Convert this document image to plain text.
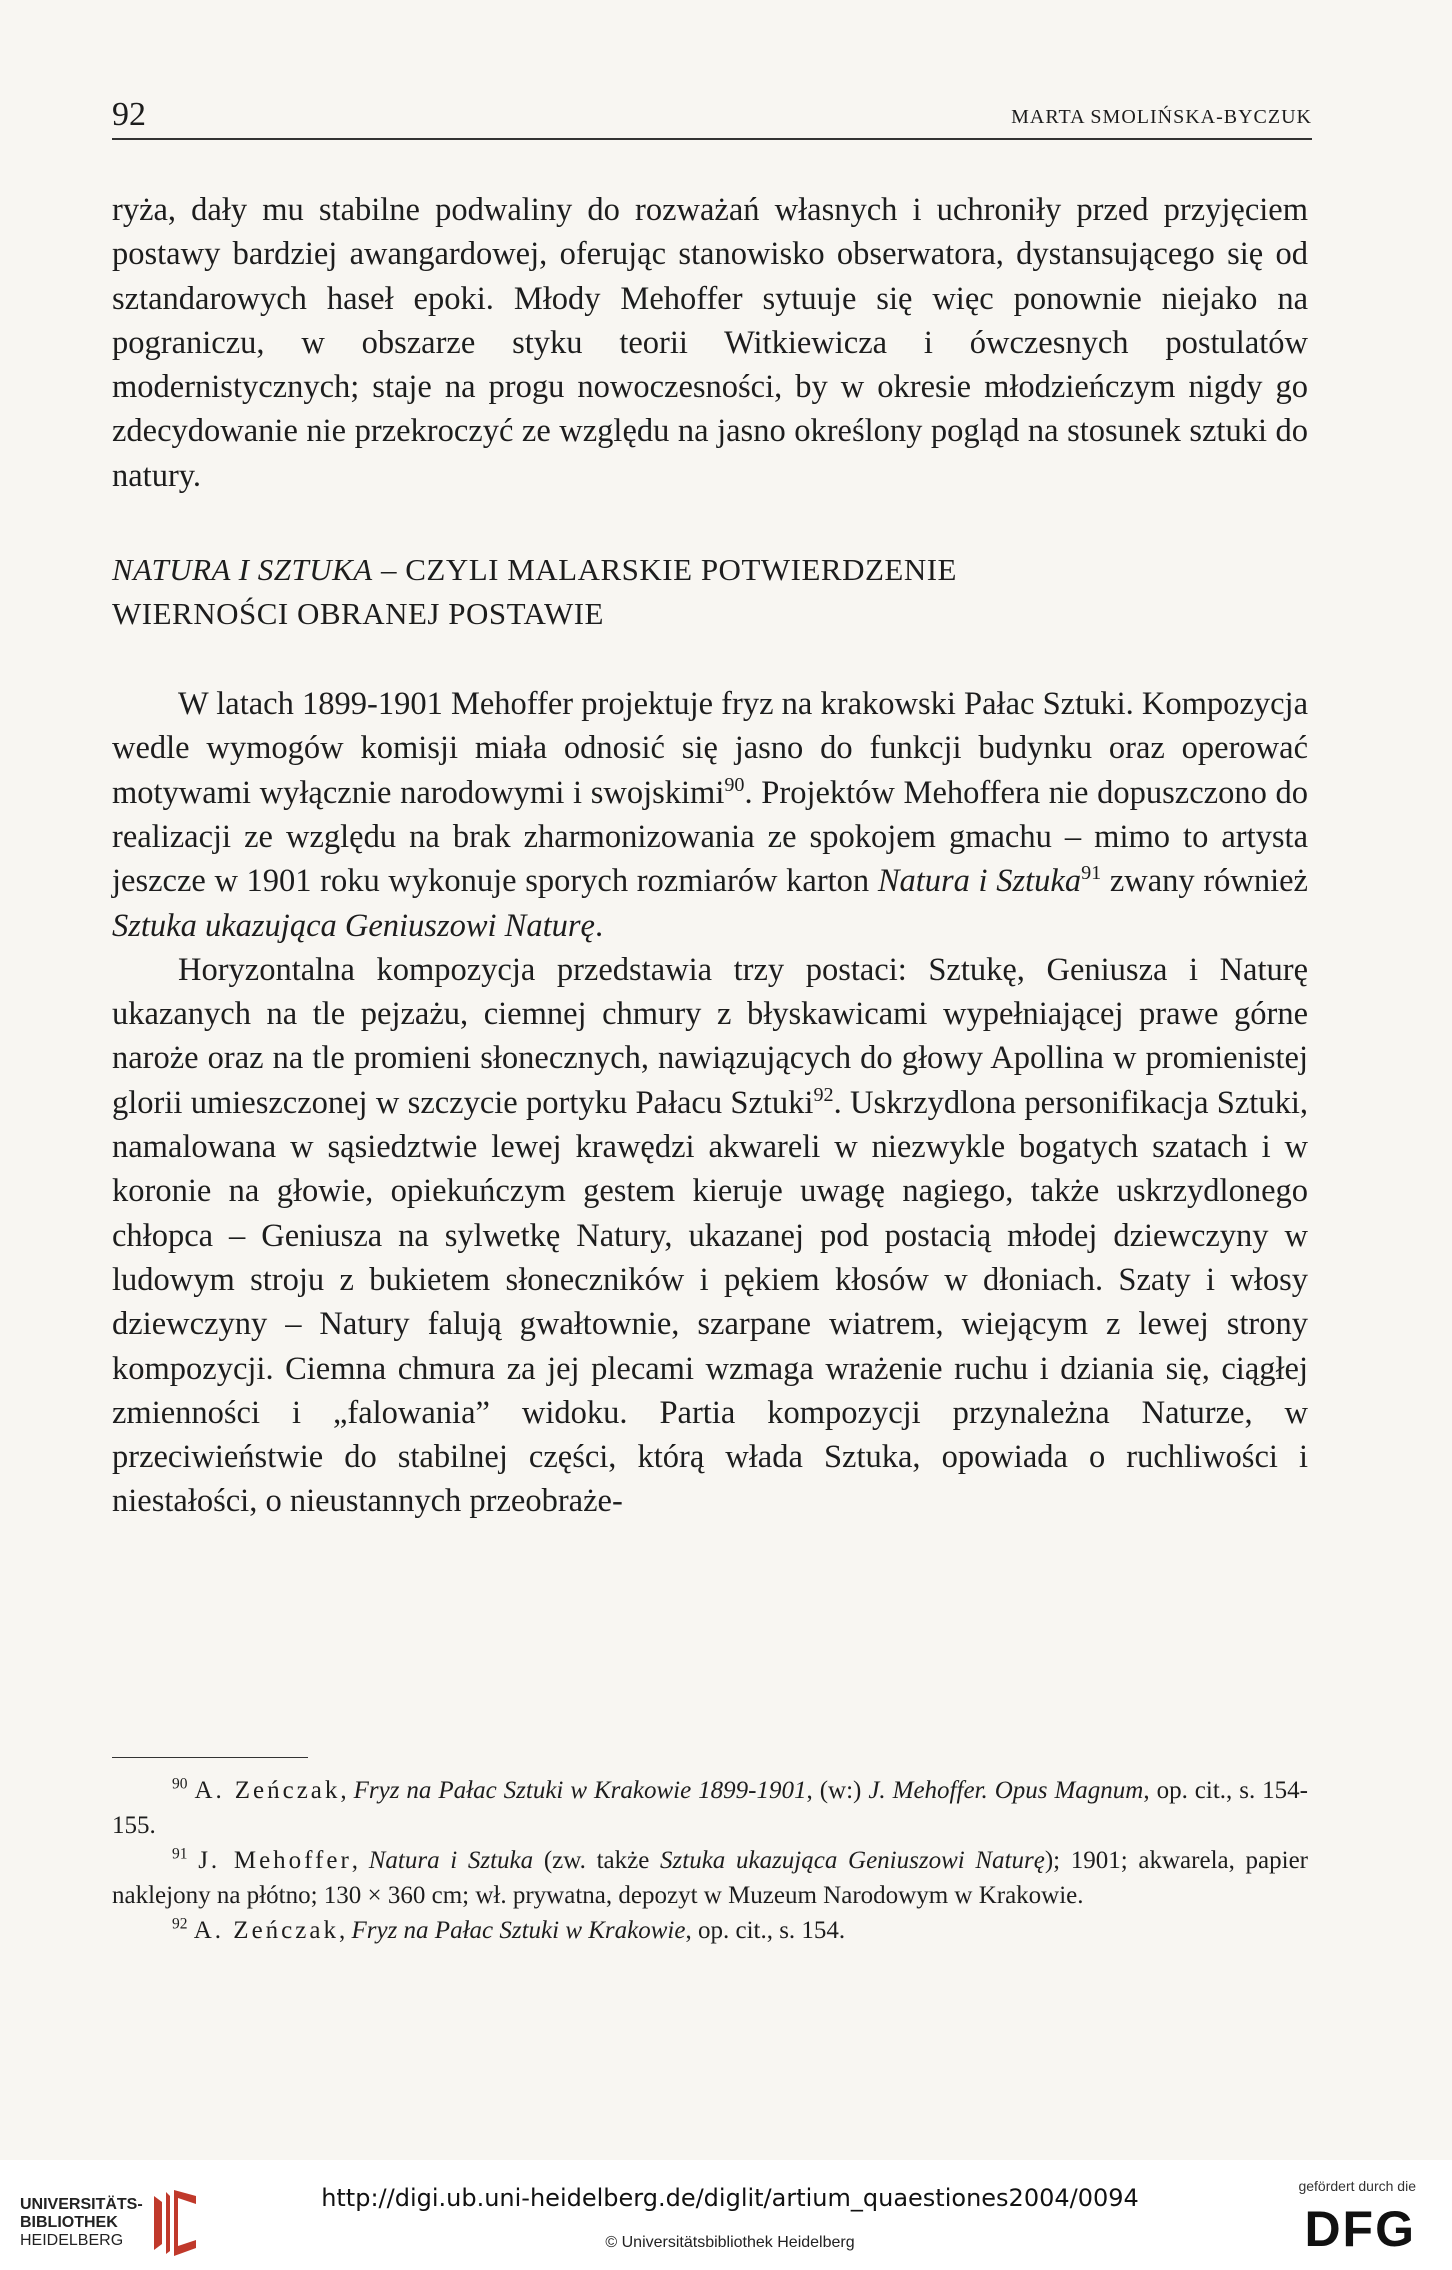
92	MARTA SMOLIŃSKA-BYCZUK

ryża, dały mu stabilne podwaliny do rozważań własnych i uchroniły przed przyjęciem postawy bardziej awangardowej, oferując stanowisko obserwatora, dystansującego się od sztandarowych haseł epoki. Młody Mehoffer sytuuje się więc ponownie niejako na pograniczu, w obszarze styku teorii Witkiewicza i ówczesnych postulatów modernistycznych; staje na progu nowoczesności, by w okresie młodzieńczym nigdy go zdecydowanie nie przekroczyć ze względu na jasno określony pogląd na stosunek sztuki do natury.

NATURA I SZTUKA – CZYLI MALARSKIE POTWIERDZENIE
WIERNOŚCI OBRANEJ POSTAWIE

W latach 1899-1901 Mehoffer projektuje fryz na krakowski Pałac Sztuki. Kompozycja wedle wymogów komisji miała odnosić się jasno do funkcji budynku oraz operować motywami wyłącznie narodowymi i swojskimi$^{90}$. Projektów Mehoffera nie dopuszczono do realizacji ze względu na brak zharmonizowania ze spokojem gmachu – mimo to artysta jeszcze w 1901 roku wykonuje sporych rozmiarów karton Natura i Sztuka$^{91}$ zwany również Sztuka ukazująca Geniuszowi Naturę.

Horyzontalna kompozycja przedstawia trzy postaci: Sztukę, Geniusza i Naturę ukazanych na tle pejzażu, ciemnej chmury z błyskawicami wypełniającej prawe górne naroże oraz na tle promieni słonecznych, nawiązujących do głowy Apollina w promienistej glorii umieszczonej w szczycie portyku Pałacu Sztuki$^{92}$. Uskrzydlona personifikacja Sztuki, namalowana w sąsiedztwie lewej krawędzi akwareli w niezwykle bogatych szatach i w koronie na głowie, opiekuńczym gestem kieruje uwagę nagiego, także uskrzydlonego chłopca – Geniusza na sylwetkę Natury, ukazanej pod postacią młodej dziewczyny w ludowym stroju z bukietem słoneczników i pękiem kłosów w dłoniach. Szaty i włosy dziewczyny – Natury falują gwałtownie, szarpane wiatrem, wiejącym z lewej strony kompozycji. Ciemna chmura za jej plecami wzmaga wrażenie ruchu i dziania się, ciągłej zmienności i „falowania” widoku. Partia kompozycji przynależna Naturze, w przeciwieństwie do stabilnej części, którą włada Sztuka, opowiada o ruchliwości i niestałości, o nieustannych przeobraże-

$^{90}$ A. Zeńczak, Fryz na Pałac Sztuki w Krakowie 1899-1901, (w:) J. Mehoffer. Opus Magnum, op. cit., s. 154-155.

$^{91}$ J. Mehoffer, Natura i Sztuka (zw. także Sztuka ukazująca Geniuszowi Naturę); 1901; akwarela, papier naklejony na płótno; 130 × 360 cm; wł. prywatna, depozyt w Muzeum Narodowym w Krakowie.

$^{92}$ A. Zeńczak, Fryz na Pałac Sztuki w Krakowie, op. cit., s. 154.

UNIVERSITÄTS-
BIBLIOTHEK
HEIDELBERG
http://digi.ub.uni-heidelberg.de/diglit/artium_quaestiones2004/0094
© Universitätsbibliothek Heidelberg
gefördert durch die
DFG
